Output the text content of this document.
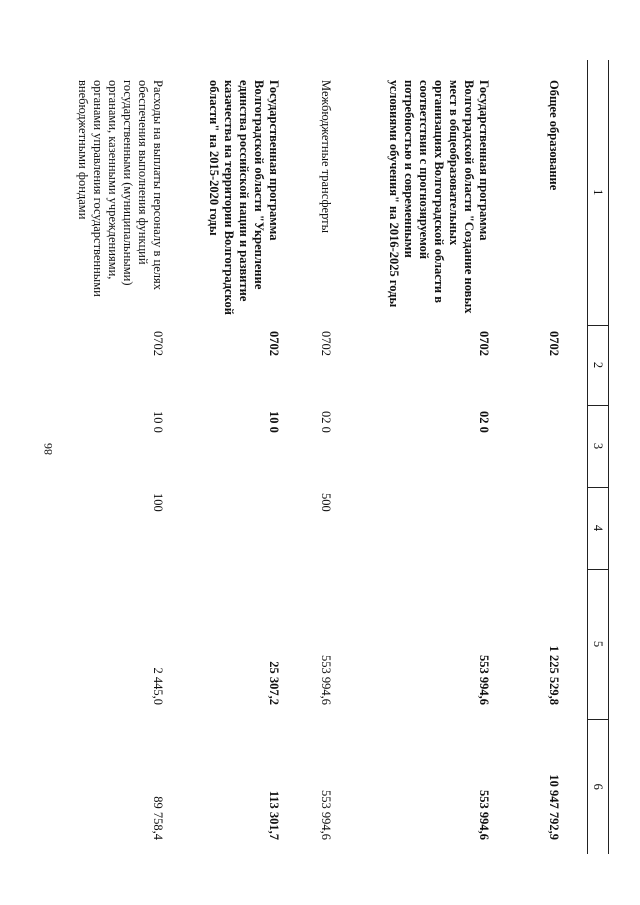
86
1	2	3	4	5	6
Общее образование	0702			1 225 529,8	10 947 792,9
Государственная программа Волгоградской области "Создание новых мест в общеобразовательных организациях Волгоградской области в соответствии с прогнозируемой потребностью и современными условиями обучения" на 2016-2025 годы	0702	02 0		553 994,6	553 994,6
Межбюджетные трансферты	0702	02 0	500	553 994,6	553 994,6
Государственная программа Волгоградской области "Укрепление единства российской нации и развитие казачества на территории Волгоградской области" на 2015-2020 годы	0702	10 0		25 307,2	113 301,7
Расходы на выплаты персоналу в целях обеспечения выполнения функций государственными (муниципальными) органами, казенными учреждениями, органами управления государственными внебюджетными фондами	0702	10 0	100	2 445,0	89 758,4
